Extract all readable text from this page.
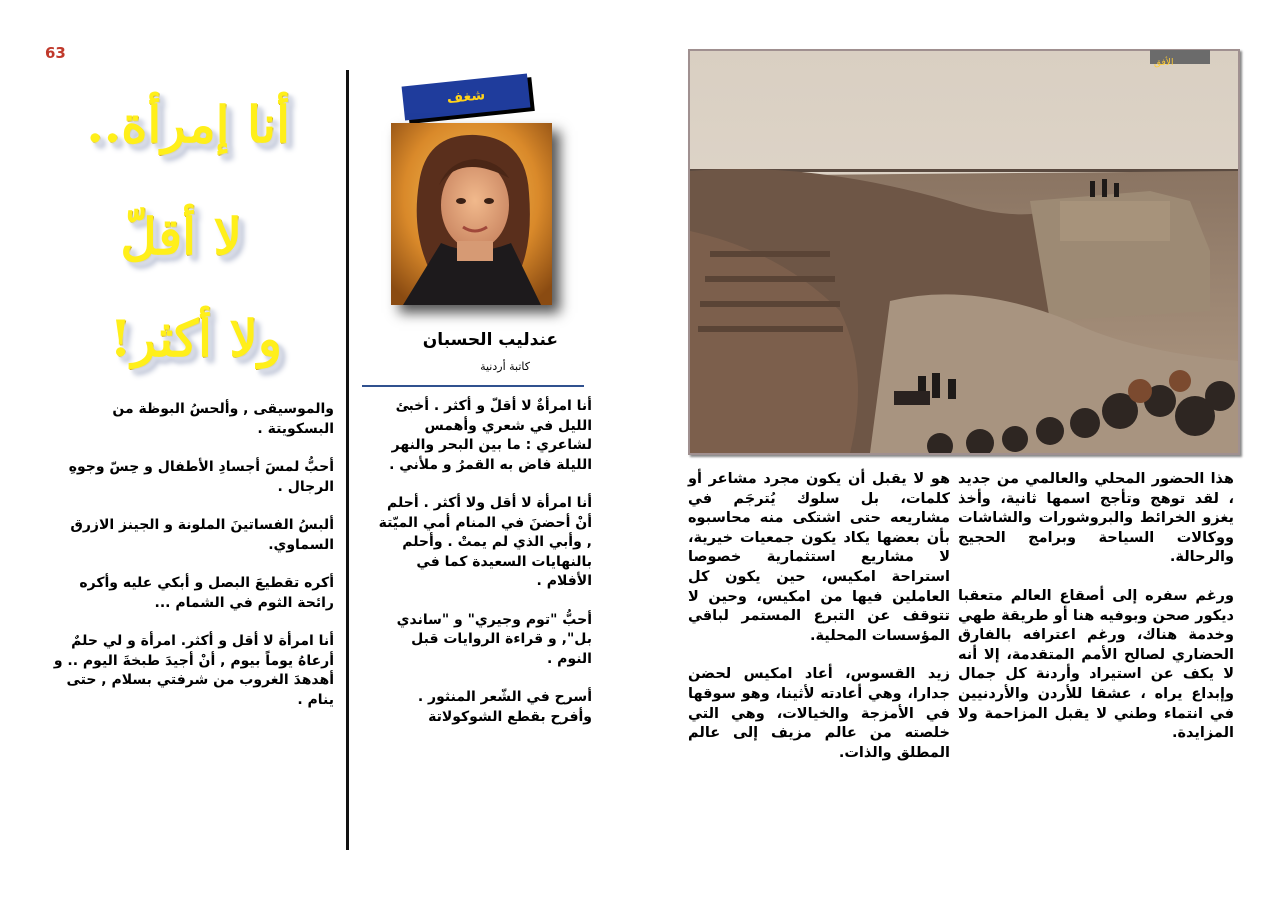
63
أنا إمرأة..
لا أقلّ
ولا أكثر!
شغف
عندليب الحسبان
كاتبة أردنية

أنا امرأةٌ لا أقلّ و أكثر . أخبئ الليل في شعري وأهمس لشاعري : ما بين البحر والنهر الليلة فاض به القمرُ و ملأني .

أنا امرأة لا أقل ولا أكثر . أحلم أنْ أحضنَ في المنام أمي الميّتة , وأبي الذي لم يمتْ . وأحلم بالنهايات السعيدة كما في الأفلام .

أحبُّ "توم وجيري" و "ساندي بل", و قراءة الروايات قبل النوم .

أسرح في الشّعر المنثور . وأفرح بقطع الشوكولاتة

والموسيقى , وألحسُ البوظة من البسكويتة .

أحبُّ لمسَ أجسادِ الأطفال و حِسّ وجوهِ الرجال .

ألبسُ الفساتينَ الملونة و الجينز الازرق السماوي.

أكره تقطيعَ البصل و أبكي عليه وأكره رائحة الثوم في الشمام ...

أنا امرأة لا أقل و أكثر. امرأة و لي حلمٌ أرعاهُ يوماً بيوم , أنْ أجيدَ طبخةَ اليوم .. و أهدهدَ الغروب من شرفتي بسلام , حتى ينام .

الأفق

هذا الحضور المحلي والعالمي من جديد ، لقد توهج وتأجج اسمها ثانية، وأخذ يغزو الخرائط والبروشورات والشاشات ووكالات السياحة وبرامج الحجيج والرحالة.

ورغم سفره إلى أصقاع العالم متعقبا ديكور صحن وبوفيه هنا أو طريقة طهي وخدمة هناك، ورغم اعترافه بالفارق الحضاري لصالح الأمم المتقدمة، إلا أنه لا يكف عن استيراد وأردنة كل جمال وإبداع يراه ، عشقا للأردن والأردنيين في انتماء وطني لا يقبل المزاحمة ولا المزايدة.

هو لا يقبل أن يكون مجرد مشاعر أو كلمات، بل سلوك يُترجَم في مشاريعه حتى اشتكى منه محاسبوه بأن بعضها يكاد يكون جمعيات خيرية، لا مشاريع استثمارية خصوصا استراحة امكيس، حين يكون كل العاملين فيها من امكيس، وحين لا تتوقف عن التبرع المستمر لباقي المؤسسات المحلية.

زيد القسوس، أعاد امكيس لحضن جدارا، وهي أعادته لأثينا، وهو سوقها في الأمزجة والخيالات، وهي التي خلصته من عالم مزيف إلى عالم المطلق والذات.
